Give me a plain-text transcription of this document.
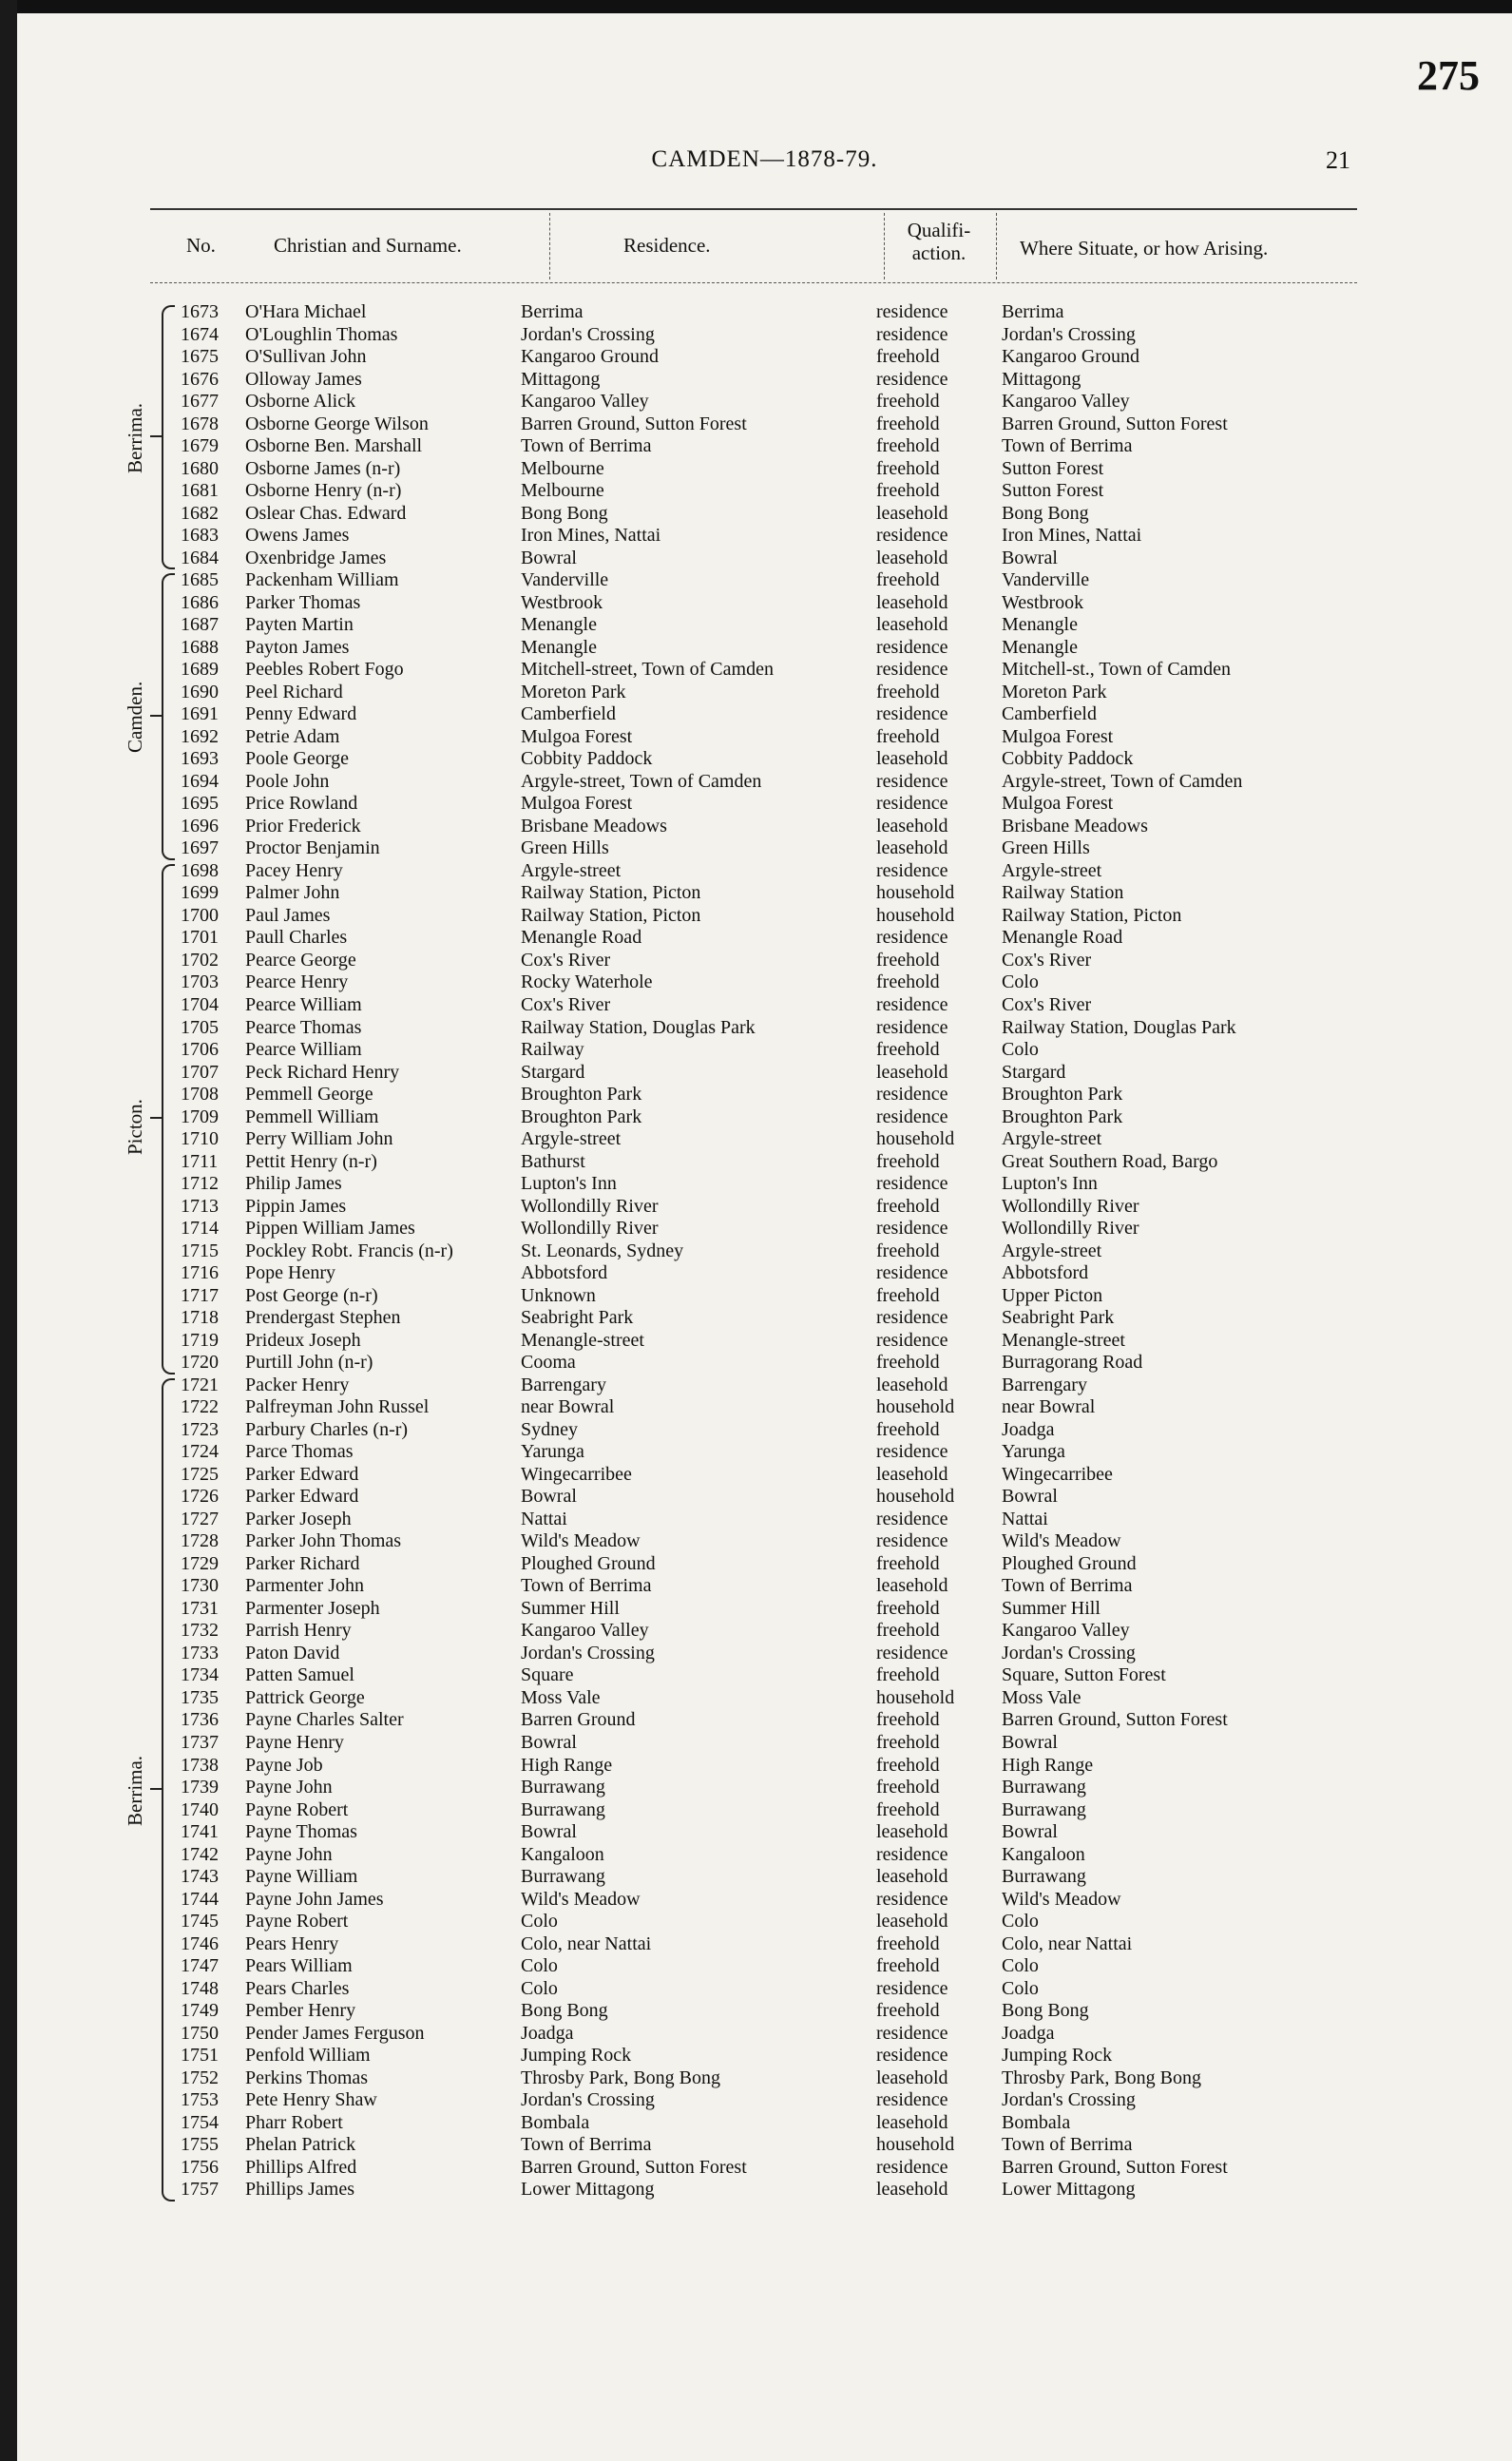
275
CAMDEN—1878-79.	21
No.	Christian and Surname.	Residence.
Qualifi-
action.	Where Situate, or how Arising.
1673 O'Hara Michael	Berrima	residence	Berrima
1674 O'Loughlin Thomas	Jordan's Crossing	residence	Jordan's Crossing
1675 O'Sullivan John	Kangaroo Ground	freehold	Kangaroo Ground
1676 Olloway James	Mittagong	residence	Mittagong
1677 Osborne Alick	Kangaroo Valley	freehold	Kangaroo Valley
1678 Osborne George Wilson	Barren Ground, Sutton Forest	freehold	Barren Ground, Sutton Forest
1679 Osborne Ben. Marshall	Town of Berrima	freehold	Town of Berrima
1680 Osborne James (n-r)	Melbourne	freehold	Sutton Forest
1681 Osborne Henry (n-r)	Melbourne	freehold	Sutton Forest
1682 Oslear Chas. Edward	Bong Bong	leasehold	Bong Bong
1683 Owens James	Iron Mines, Nattai	residence	Iron Mines, Nattai
1684 Oxenbridge James	Bowral	leasehold	Bowral
1685 Packenham William	Vanderville	freehold	Vanderville
1686 Parker Thomas	Westbrook	leasehold	Westbrook
1687 Payten Martin	Menangle	leasehold	Menangle
1688 Payton James	Menangle	residence	Menangle
1689 Peebles Robert Fogo	Mitchell-street, Town of Camden	residence	Mitchell-st., Town of Camden
1690 Peel Richard	Moreton Park	freehold	Moreton Park
1691 Penny Edward	Camberfield	residence	Camberfield
1692 Petrie Adam	Mulgoa Forest	freehold	Mulgoa Forest
1693 Poole George	Cobbity Paddock	leasehold	Cobbity Paddock
1694 Poole John	Argyle-street, Town of Camden	residence	Argyle-street, Town of Camden
1695 Price Rowland	Mulgoa Forest	residence	Mulgoa Forest
1696 Prior Frederick	Brisbane Meadows	leasehold	Brisbane Meadows
1697 Proctor Benjamin	Green Hills	leasehold	Green Hills
1698 Pacey Henry	Argyle-street	residence	Argyle-street
1699 Palmer John	Railway Station, Picton	household Railway Station
1700 Paul James	Railway Station, Picton	household Railway Station, Picton
1701 Paull Charles	Menangle Road	residence	Menangle Road
1702 Pearce George	Cox's River	freehold	Cox's River
1703 Pearce Henry	Rocky Waterhole	freehold	Colo
1704 Pearce William	Cox's River	residence	Cox's River
1705 Pearce Thomas	Railway Station, Douglas Park	residence	Railway Station, Douglas Park
1706 Pearce William	Railway	freehold	Colo
1707 Peck Richard Henry	Stargard	leasehold	Stargard
1708 Pemmell George	Broughton Park	residence	Broughton Park
1709 Pemmell William	Broughton Park	residence	Broughton Park
1710 Perry William John	Argyle-street	household Argyle-street
1711 Pettit Henry (n-r)	Bathurst	freehold	Great Southern Road, Bargo
1712 Philip James	Lupton's Inn	residence	Lupton's Inn
1713 Pippin James	Wollondilly River	freehold	Wollondilly River
1714 Pippen William James	Wollondilly River	residence	Wollondilly River
1715 Pockley Robt. Francis (n-r)	St. Leonards, Sydney	freehold	Argyle-street
1716 Pope Henry	Abbotsford	residence	Abbotsford
1717 Post George (n-r)	Unknown	freehold	Upper Picton
1718 Prendergast Stephen	Seabright Park	residence	Seabright Park
1719 Prideux Joseph	Menangle-street	residence	Menangle-street
1720 Purtill John (n-r)	Cooma	freehold	Burragorang Road
1721 Packer Henry	Barrengary	leasehold	Barrengary
1722 Palfreyman John Russel	near Bowral	household near Bowral
1723 Parbury Charles (n-r)	Sydney	freehold	Joadga
1724 Parce Thomas	Yarunga	residence	Yarunga
1725 Parker Edward	Wingecarribee	leasehold	Wingecarribee
1726 Parker Edward	Bowral	household Bowral
1727 Parker Joseph	Nattai	residence	Nattai
1728 Parker John Thomas	Wild's Meadow	residence	Wild's Meadow
1729 Parker Richard	Ploughed Ground	freehold	Ploughed Ground
1730 Parmenter John	Town of Berrima	leasehold	Town of Berrima
1731 Parmenter Joseph	Summer Hill	freehold	Summer Hill
1732 Parrish Henry	Kangaroo Valley	freehold	Kangaroo Valley
1733 Paton David	Jordan's Crossing	residence	Jordan's Crossing
1734 Patten Samuel	Square	freehold	Square, Sutton Forest
1735 Pattrick George	Moss Vale	household Moss Vale
1736 Payne Charles Salter	Barren Ground	freehold	Barren Ground, Sutton Forest
1737 Payne Henry	Bowral	freehold	Bowral
1738 Payne Job	High Range	freehold	High Range
1739 Payne John	Burrawang	freehold	Burrawang
1740 Payne Robert	Burrawang	freehold	Burrawang
1741 Payne Thomas	Bowral	leasehold	Bowral
1742 Payne John	Kangaloon	residence	Kangaloon
1743 Payne William	Burrawang	leasehold	Burrawang
1744 Payne John James	Wild's Meadow	residence	Wild's Meadow
1745 Payne Robert	Colo	leasehold	Colo
1746 Pears Henry	Colo, near Nattai	freehold	Colo, near Nattai
1747 Pears William	Colo	freehold	Colo
1748 Pears Charles	Colo	residence	Colo
1749 Pember Henry	Bong Bong	freehold	Bong Bong
1750 Pender James Ferguson	Joadga	residence	Joadga
1751 Penfold William	Jumping Rock	residence	Jumping Rock
1752 Perkins Thomas	Throsby Park, Bong Bong	leasehold	Throsby Park, Bong Bong
1753 Pete Henry Shaw	Jordan's Crossing	residence	Jordan's Crossing
1754 Pharr Robert	Bombala	leasehold	Bombala
1755 Phelan Patrick	Town of Berrima	household Town of Berrima
1756 Phillips Alfred	Barren Ground, Sutton Forest	residence	Barren Ground, Sutton Forest
1757 Phillips James	Lower Mittagong	leasehold	Lower Mittagong
Berrima.
Camden.
Picton.
Berrima.
